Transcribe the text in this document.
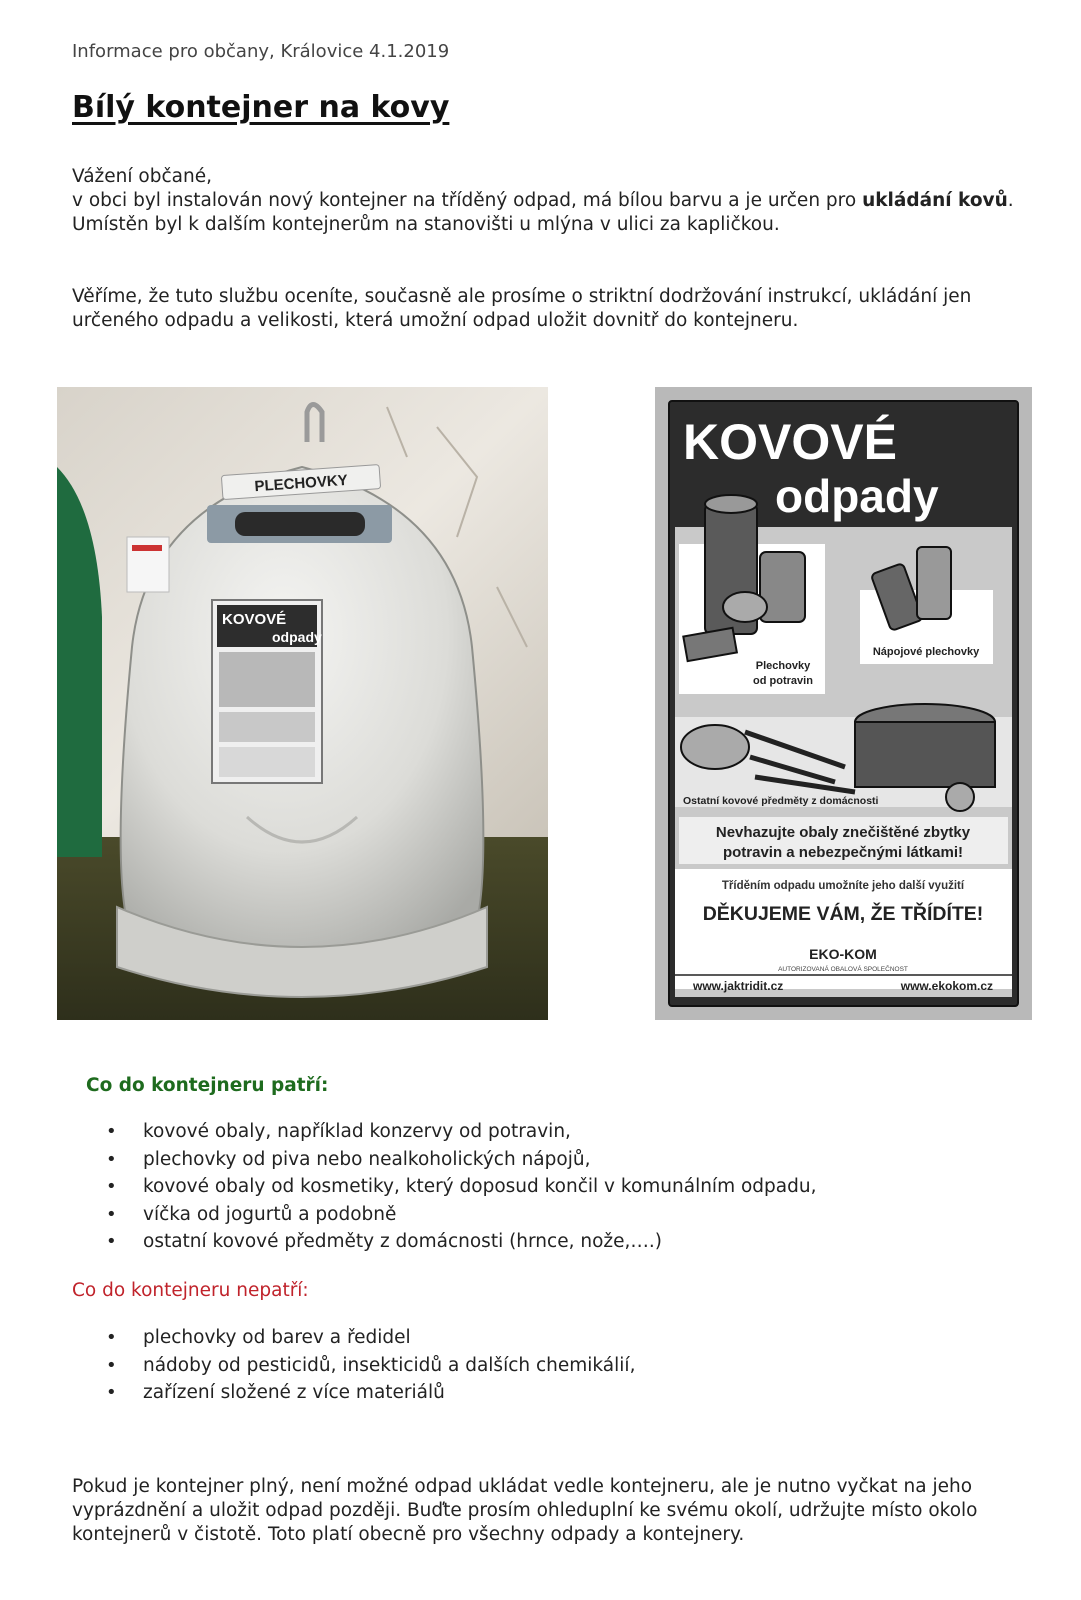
Informace pro občany, Královice 4.1.2019
Bílý kontejner na kovy
Vážení občané,
v obci byl instalován nový kontejner na tříděný odpad, má bílou barvu a je určen pro ukládání kovů.
Umístěn byl k dalším kontejnerům na stanovišti u mlýna v ulici za kapličkou.
Věříme, že tuto službu oceníte, současně ale prosíme o striktní dodržování instrukcí, ukládání jen určeného odpadu a velikosti, která umožní odpad uložit dovnitř do kontejneru.
PLECHOVKY
KOVOVÉ
odpady
KOVOVÉ
odpady
Plechovky
od potravin
Nápojové plechovky
Ostatní kovové předměty z domácnosti
Nevhazujte obaly znečištěné zbytky
potravin a nebezpečnými látkami!
Tříděním odpadu umožníte jeho další využití
DĚKUJEME VÁM, ŽE TŘÍDÍTE!
EKO-KOM
AUTORIZOVANÁ OBALOVÁ SPOLEČNOST
www.jaktridit.cz	www.ekokom.cz
Co do kontejneru patří:
• kovové obaly, například konzervy od potravin,
• plechovky od piva nebo nealkoholických nápojů,
• kovové obaly od kosmetiky, který doposud končil v komunálním odpadu,
• víčka od jogurtů a podobně
• ostatní kovové předměty z domácnosti (hrnce, nože,….)
Co do kontejneru nepatří:
• plechovky od barev a ředidel
• nádoby od pesticidů, insekticidů a dalších chemikálií,
• zařízení složené z více materiálů
Pokud je kontejner plný, není možné odpad ukládat vedle kontejneru, ale je nutno vyčkat na jeho vyprázdnění a uložit odpad později. Buďte prosím ohleduplní ke svému okolí, udržujte místo okolo kontejnerů v čistotě. Toto platí obecně pro všechny odpady a kontejnery.
